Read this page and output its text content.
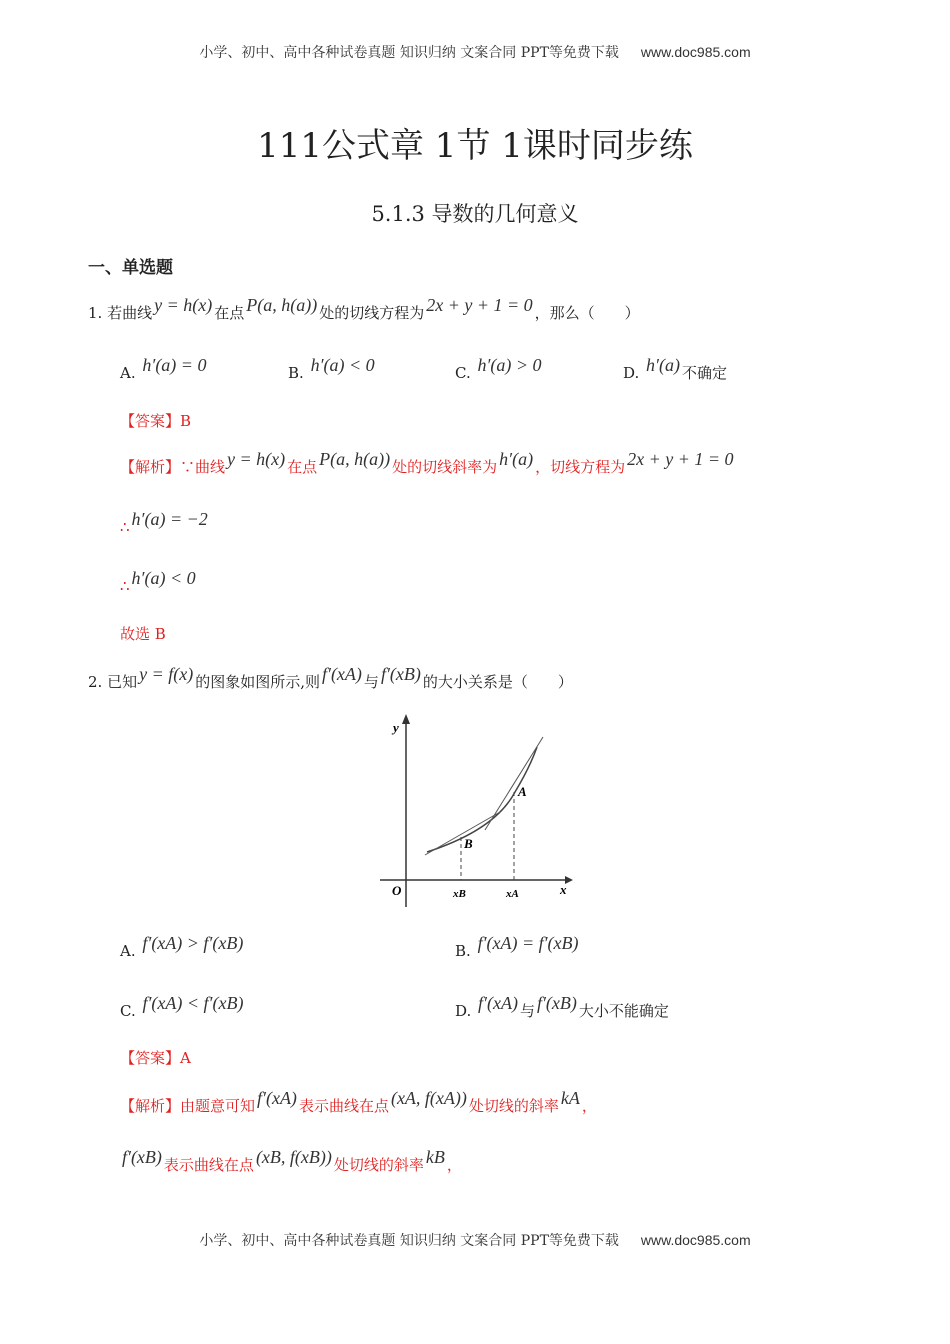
小学、初中、高中各种试卷真题 知识归纳 文案合同 PPT等免费下载 www.doc985.com
111公式章 1节 1课时同步练
5.1.3 导数的几何意义
一、单选题
1. 若曲线 y = h(x) 在点 P(a, h(a)) 处的切线方程为 2x + y + 1 = 0 ，那么（　　）
A. h′(a) = 0	B. h′(a) < 0	C. h′(a) > 0	D. h′(a) 不确定
【答案】B
【解析】∵曲线 y = h(x) 在点 P(a, h(a)) 处的切线斜率为 h′(a) ，切线方程为 2x + y + 1 = 0
∴ h′(a) = −2
∴ h′(a) < 0
故选 B
2. 已知 y = f(x) 的图象如图所示,则 f′(xA) 与 f′(xB) 的大小关系是（　　）
y
x
O
A
B
xB	xA
A. f′(xA) > f′(xB)	B. f′(xA) = f′(xB)
C. f′(xA) < f′(xB)	D. f′(xA) 与 f′(xB) 大小不能确定
【答案】A
【解析】由题意可知 f′(xA) 表示曲线在点 (xA, f(xA)) 处切线的斜率 kA ，
f′(xB) 表示曲线在点 (xB, f(xB)) 处切线的斜率 kB ，
小学、初中、高中各种试卷真题 知识归纳 文案合同 PPT等免费下载 www.doc985.com
